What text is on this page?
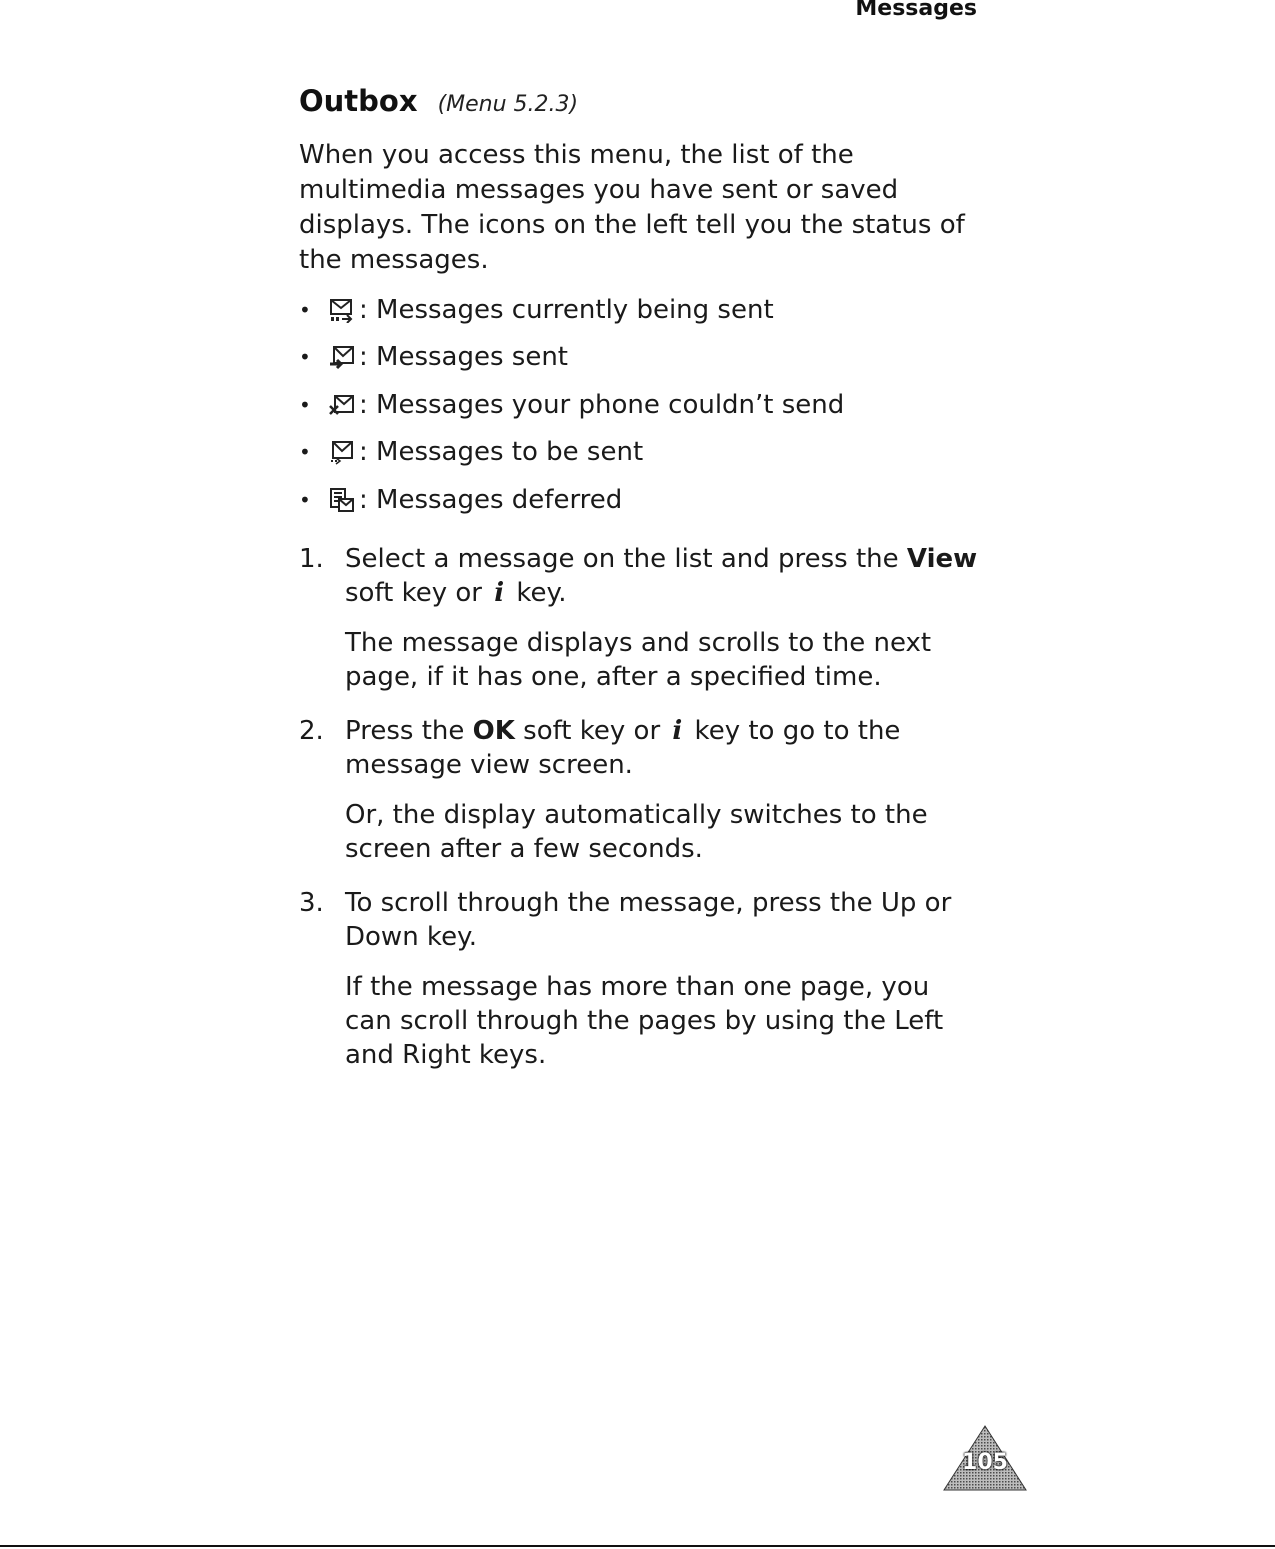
Messages
Outbox (Menu 5.2.3)

When you access this menu, the list of the multimedia messages you have sent or saved displays. The icons on the left tell you the status of the messages.

•	: Messages currently being sent
•	: Messages sent
•	: Messages your phone couldn’t send
•	: Messages to be sent
•	: Messages deferred
1. Select a message on the list and press the View soft key or i key.

The message displays and scrolls to the next page, if it has one, after a specified time.

2. Press the OK soft key or i key to go to the message view screen.

Or, the display automatically switches to the screen after a few seconds.

3. To scroll through the message, press the Up or Down key.

If the message has more than one page, you can scroll through the pages by using the Left and Right keys.

105
